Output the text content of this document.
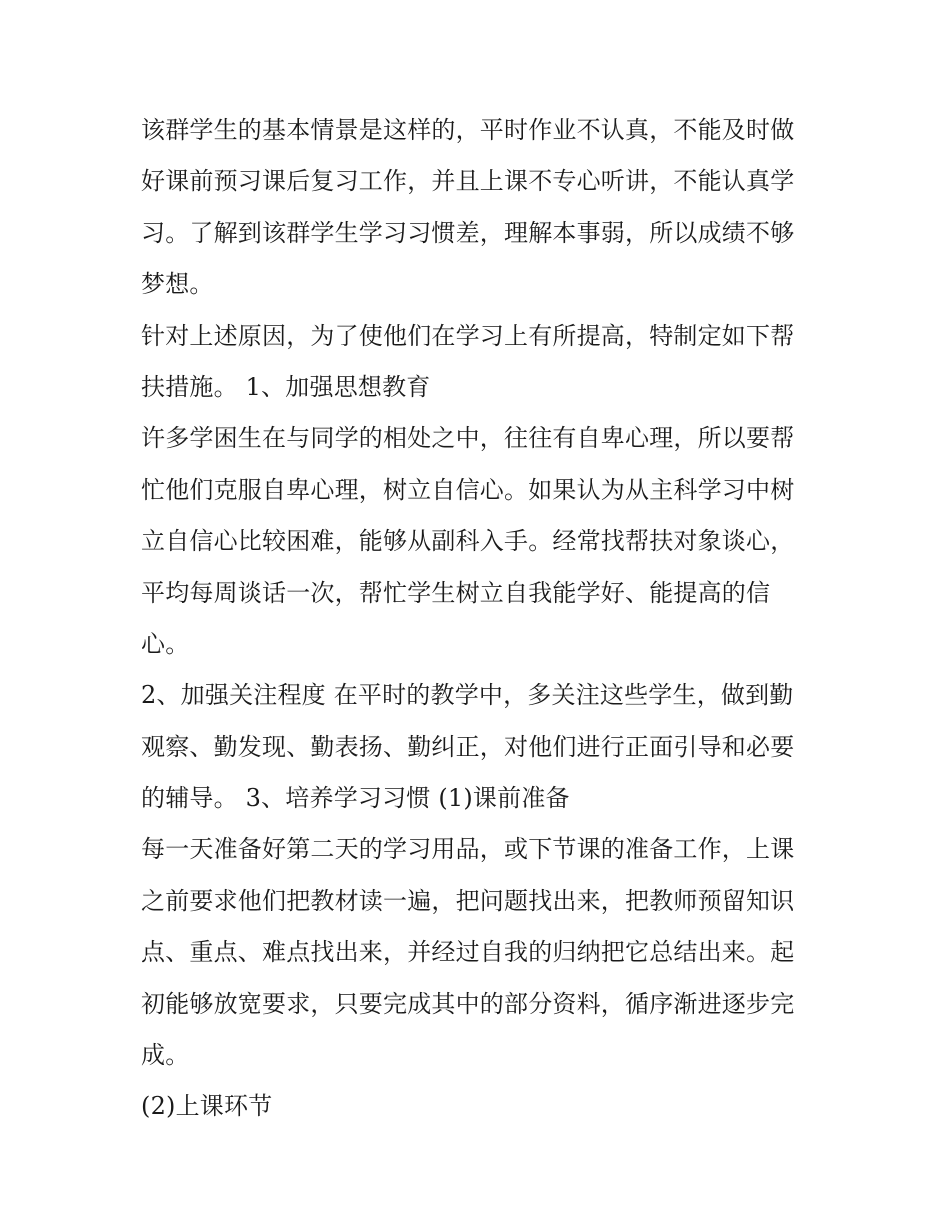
该群学生的基本情景是这样的，平时作业不认真，不能及时做
好课前预习课后复习工作，并且上课不专心听讲，不能认真学
习。了解到该群学生学习习惯差，理解本事弱，所以成绩不够
梦想。
针对上述原因，为了使他们在学习上有所提高，特制定如下帮
扶措施。 1、加强思想教育
许多学困生在与同学的相处之中，往往有自卑心理，所以要帮
忙他们克服自卑心理，树立自信心。如果认为从主科学习中树
立自信心比较困难，能够从副科入手。经常找帮扶对象谈心，
平均每周谈话一次，帮忙学生树立自我能学好、能提高的信
心。
2、加强关注程度 在平时的教学中，多关注这些学生，做到勤
观察、勤发现、勤表扬、勤纠正，对他们进行正面引导和必要
的辅导。 3、培养学习习惯 (1)课前准备
每一天准备好第二天的学习用品，或下节课的准备工作，上课
之前要求他们把教材读一遍，把问题找出来，把教师预留知识
点、重点、难点找出来，并经过自我的归纳把它总结出来。起
初能够放宽要求，只要完成其中的部分资料，循序渐进逐步完
成。
(2)上课环节
